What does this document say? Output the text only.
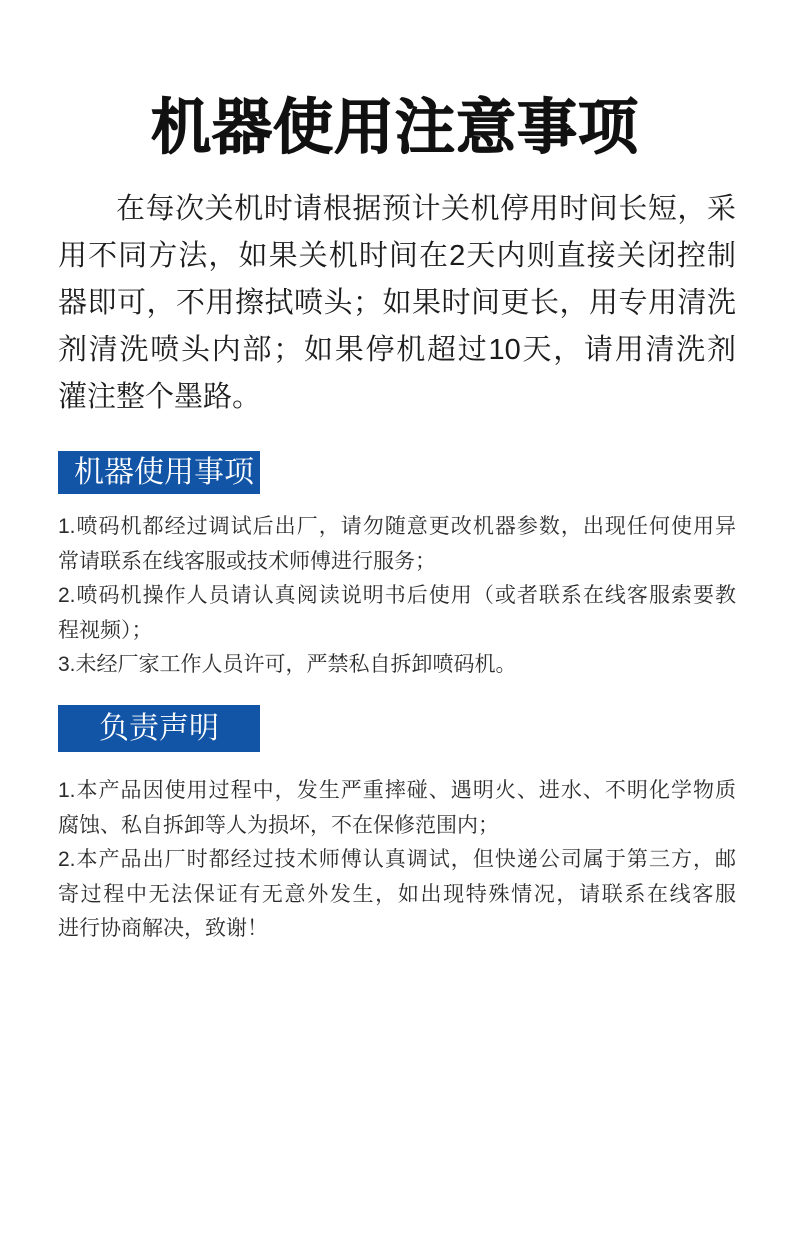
机器使用注意事项
在每次关机时请根据预计关机停用时间长短，采
用不同方法，如果关机时间在2天内则直接关闭控制
器即可，不用擦拭喷头；如果时间更长，用专用清洗
剂清洗喷头内部；如果停机超过10天，请用清洗剂
灌注整个墨路。
机器使用事项
1.喷码机都经过调试后出厂，请勿随意更改机器参数，出现任何使用异
常请联系在线客服或技术师傅进行服务；
2.喷码机操作人员请认真阅读说明书后使用（或者联系在线客服索要教
程视频）；
3.未经厂家工作人员许可，严禁私自拆卸喷码机。
负责声明
1.本产品因使用过程中，发生严重摔碰、遇明火、进水、不明化学物质
腐蚀、私自拆卸等人为损坏，不在保修范围内；
2.本产品出厂时都经过技术师傅认真调试，但快递公司属于第三方，邮
寄过程中无法保证有无意外发生，如出现特殊情况，请联系在线客服
进行协商解决，致谢！
